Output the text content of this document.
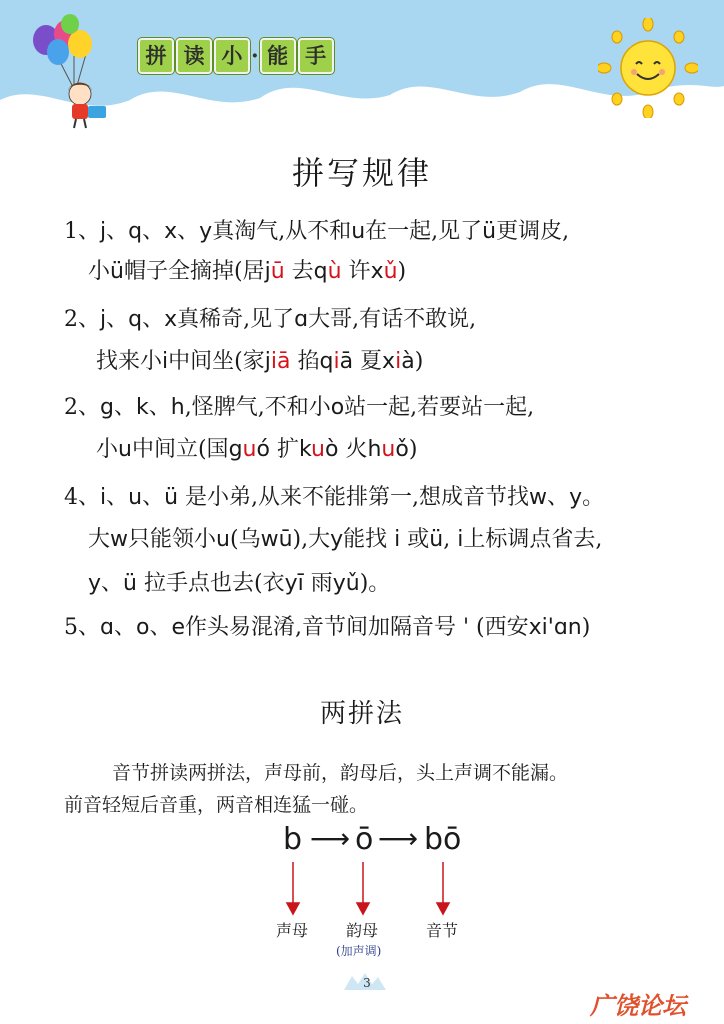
拼 读 小 · 能 手
拼写规律
1、j、q、x、y真淘气,从不和u在一起,见了ü更调皮,
小ü帽子全摘掉(居jū 去qù 许xǔ)
2、j、q、x真稀奇,见了ɑ大哥,有话不敢说,
找来小i中间坐(家jiā 掐qiā 夏xià)
2、g、k、h,怪脾气,不和小o站一起,若要站一起,
小u中间立(国guó 扩kuò 火huǒ)
4、i、u、ü 是小弟,从来不能排第一,想成音节找w、y。
大w只能领小u(乌wū),大y能找 i 或ü, i上标调点省去,
y、ü 拉手点也去(衣yī 雨yǔ)。
5、ɑ、o、e作头易混淆,音节间加隔音号 ' (西安xi'ɑn)
两拼法
音节拼读两拼法，声母前，韵母后，头上声调不能漏。
前音轻短后音重，两音相连猛一碰。
b ⟶ ō ⟶ bō
声母 韵母
(加声调)
音节
3
广饶论坛
